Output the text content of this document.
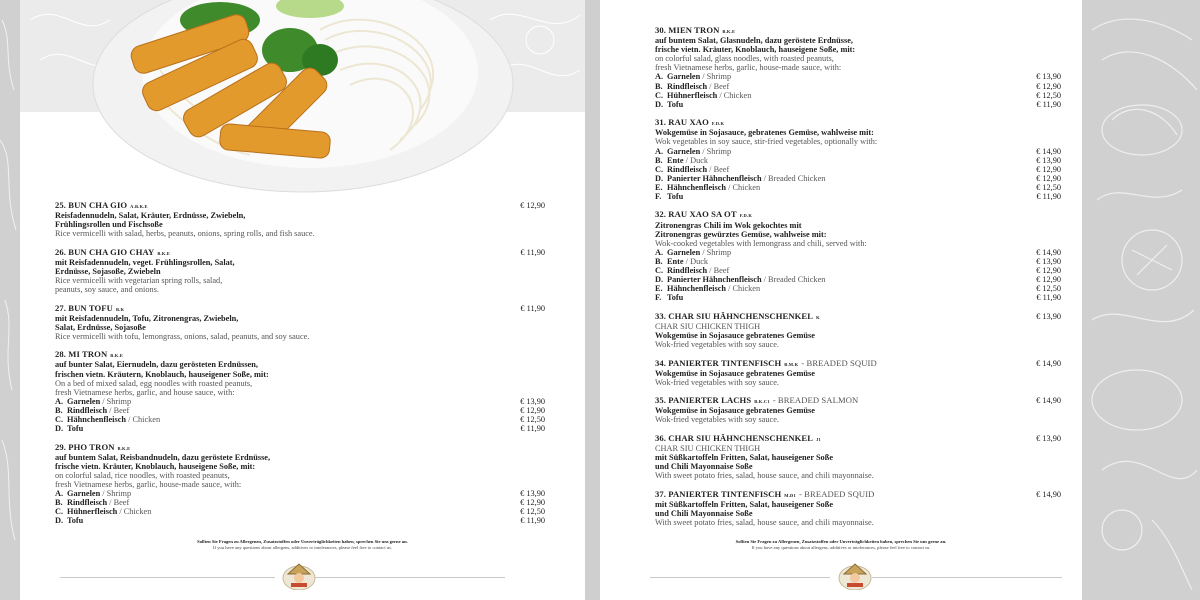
25. BUN CHA GIO A.B.K.E	€ 12,90
Reisfadennudeln, Salat, Kräuter, Erdnüsse, Zwiebeln,
Frühlingsrollen und Fischsoße
Rice vermicelli with salad, herbs, peanuts, onions, spring rolls, and fish sauce.
26. BUN CHA GIO CHAY B.K.E	€ 11,90
mit Reisfadennudeln, veget. Frühlingsrollen, Salat,
Erdnüsse, Sojasoße, Zwiebeln
Rice vermicelli with vegetarian spring rolls, salad,
peanuts, soy sauce, and onions.
27. BUN TOFU B.K	€ 11,90
mit Reisfadennudeln, Tofu, Zitronengras, Zwiebeln,
Salat, Erdnüsse, Sojasoße
Rice vermicelli with tofu, lemongrass, onions, salad, peanuts, and soy sauce.
28. MI TRON B.K.E
auf bunter Salat, Eiernudeln, dazu gerösteten Erdnüssen,
frischen vietn. Kräutern, Knoblauch, hauseigener Soße, mit:
On a bed of mixed salad, egg noodles with roasted peanuts,
fresh Vietnamese herbs, garlic, and house sauce, with:
A. Garnelen / Shrimp	€ 13,90
B. Rindfleisch / Beef	€ 12,90
C. Hähnchenfleisch / Chicken	€ 12,50
D. Tofu	€ 11,90
29. PHO TRON B.K.E
auf buntem Salat, Reisbandnudeln, dazu geröstete Erdnüsse,
frische vietn. Kräuter, Knoblauch, hauseigene Soße, mit:
on colorful salad, rice noodles, with roasted peanuts,
fresh Vietnamese herbs, garlic, house-made sauce, with:
A. Garnelen / Shrimp	€ 13,90
B. Rindfleisch / Beef	€ 12,90
C. Hühnerfleisch / Chicken	€ 12,50
D. Tofu	€ 11,90
Sollten Sie Fragen zu Allergenen, Zusatzstoffen oder Unverträglichkeiten haben, sprechen Sie uns gerne an.
If you have any questions about allergens, additives or intolerances, please feel free to contact us.
30. MIEN TRON B.K.E
auf buntem Salat, Glasnudeln, dazu geröstete Erdnüsse,
frische vietn. Kräuter, Knoblauch, hauseigene Soße, mit:
on colorful salad, glass noodles, with roasted peanuts,
fresh Vietnamese herbs, garlic, house-made sauce, with:
A. Garnelen / Shrimp	€ 13,90
B. Rindfleisch / Beef	€ 12,90
C. Hühnerfleisch / Chicken	€ 12,50
D. Tofu	€ 11,90
31. RAU XAO F.D.K
Wokgemüse in Sojasauce, gebratenes Gemüse, wahlweise mit:
Wok vegetables in soy sauce, stir-fried vegetables, optionally with:
A. Garnelen / Shrimp	€ 14,90
B. Ente / Duck	€ 13,90
C. Rindfleisch / Beef	€ 12,90
D. Panierter Hähnchenfleisch / Breaded Chicken	€ 12,90
E. Hähnchenfleisch / Chicken	€ 12,50
F. Tofu	€ 11,90
32. RAU XAO SA OT F.D.K
Zitronengras Chili im Wok gekochtes mit
Zitronengras gewürztes Gemüse, wahlweise mit:
Wok-cooked vegetables with lemongrass and chili, served with:
A. Garnelen / Shrimp	€ 14,90
B. Ente / Duck	€ 13,90
C. Rindfleisch / Beef	€ 12,90
D. Panierter Hähnchenfleisch / Breaded Chicken	€ 12,90
E. Hähnchenfleisch / Chicken	€ 12,50
F. Tofu	€ 11,90
33. CHAR SIU HÄHNCHENSCHENKEL K	€ 13,90
CHAR SIU CHICKEN THIGH
Wokgemüse in Sojasauce gebratenes Gemüse
Wok-fried vegetables with soy sauce.
34. PANIERTER TINTENFISCH B.M.K - BREADED SQUID	€ 14,90
Wokgemüse in Sojasauce gebratenes Gemüse
Wok-fried vegetables with soy sauce.
35. PANIERTER LACHS B.K.C1 - BREADED SALMON	€ 14,90
Wokgemüse in Sojasauce gebratenes Gemüse
Wok-fried vegetables with soy sauce.
36. CHAR SIU HÄHNCHENSCHENKEL J1	€ 13,90
CHAR SIU CHICKEN THIGH
mit Süßkartoffeln Fritten, Salat, hauseigener Soße
und Chili Mayonnaise Soße
With sweet potato fries, salad, house sauce, and chili mayonnaise.
37. PANIERTER TINTENFISCH M.D1 - BREADED SQUID	€ 14,90
mit Süßkartoffeln Fritten, Salat, hauseigener Soße
und Chili Mayonnaise Soße
With sweet potato fries, salad, house sauce, and chili mayonnaise.
Sollten Sie Fragen zu Allergenen, Zusatzstoffen oder Unverträglichkeiten haben, sprechen Sie uns gerne an.
If you have any questions about allergens, additives or intolerances, please feel free to contact us.
